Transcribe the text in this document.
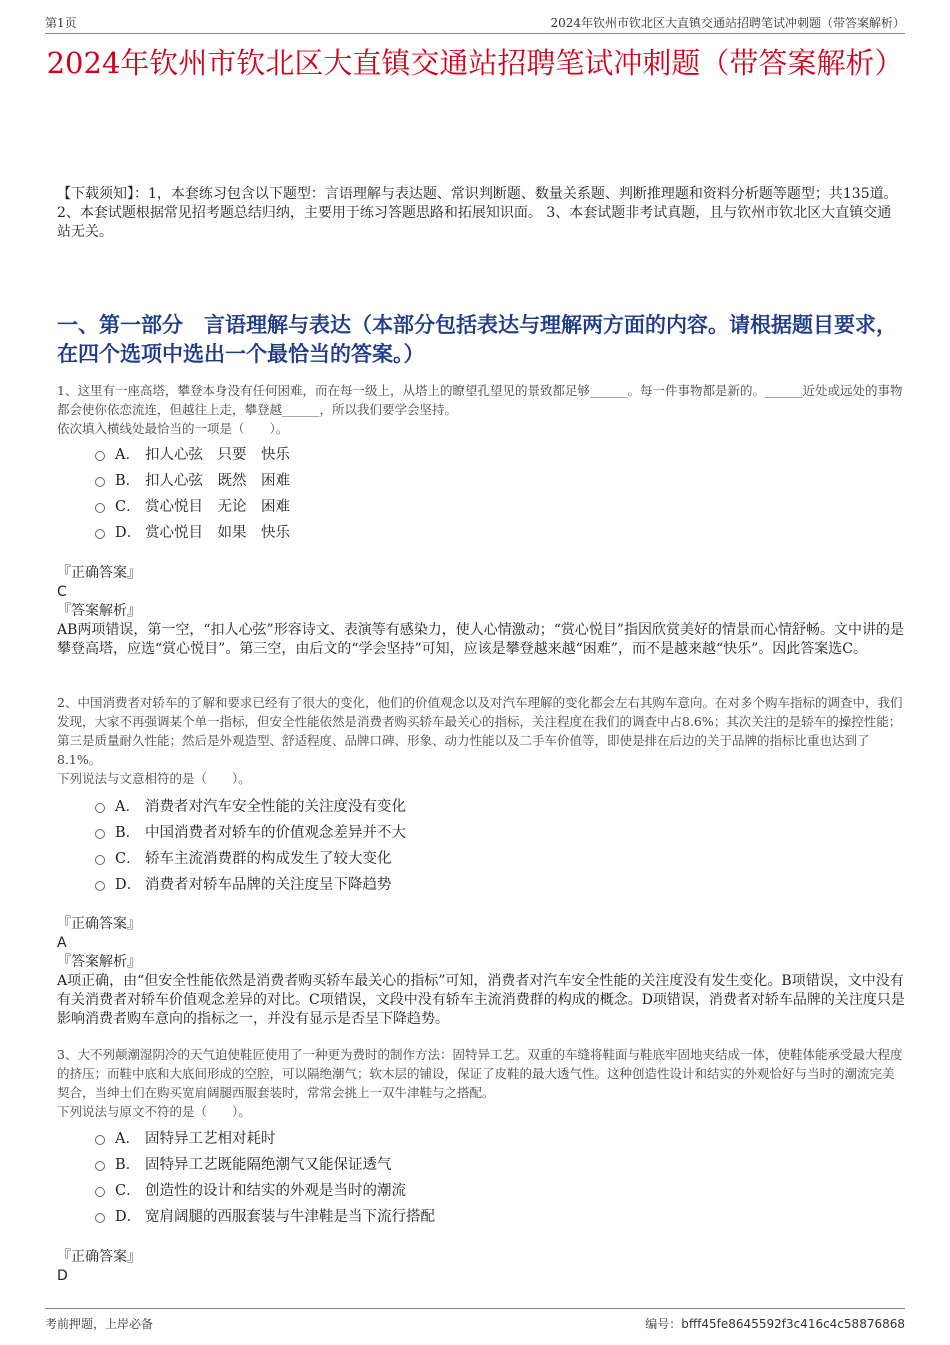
第1页	2024年钦州市钦北区大直镇交通站招聘笔试冲刺题（带答案解析）
2024年钦州市钦北区大直镇交通站招聘笔试冲刺题（带答案解析）

【下载须知】：1，本套练习包含以下题型：言语理解与表达题、常识判断题、数量关系题、判断推理题和资料分析题等题型；共135道。 2、本套试题根据常见招考题总结归纳，主要用于练习答题思路和拓展知识面。 3、本套试题非考试真题，且与钦州市钦北区大直镇交通站无关。

一、第一部分　言语理解与表达（本部分包括表达与理解两方面的内容。请根据题目要求，在四个选项中选出一个最恰当的答案。）

1、这里有一座高塔，攀登本身没有任何困难，而在每一级上，从塔上的瞭望孔望见的景致都足够______。每一件事物都是新的。______近处或远处的事物都会使你依恋流连，但越往上走，攀登越______，所以我们要学会坚持。

依次填入横线处最恰当的一项是（　　）。

A． 扣人心弦　只要　快乐
B． 扣人心弦　既然　困难
C． 赏心悦目　无论　困难
D． 赏心悦目　如果　快乐

『正确答案』

C

『答案解析』

AB两项错误，第一空，“扣人心弦”形容诗文、表演等有感染力，使人心情激动；“赏心悦目”指因欣赏美好的情景而心情舒畅。文中讲的是攀登高塔，应选“赏心悦目”。第三空，由后文的“学会坚持”可知，应该是攀登越来越“困难”，而不是越来越“快乐”。因此答案选C。

2、中国消费者对轿车的了解和要求已经有了很大的变化，他们的价值观念以及对汽车理解的变化都会左右其购车意向。在对多个购车指标的调查中，我们发现，大家不再强调某个单一指标，但安全性能依然是消费者购买轿车最关心的指标，关注程度在我们的调查中占8.6%；其次关注的是轿车的操控性能；第三是质量耐久性能；然后是外观造型、舒适程度、品牌口碑、形象、动力性能以及二手车价值等，即使是排在后边的关于品牌的指标比重也达到了8.1%。

下列说法与文意相符的是（　　）。

A． 消费者对汽车安全性能的关注度没有变化
B． 中国消费者对轿车的价值观念差异并不大
C． 轿车主流消费群的构成发生了较大变化
D． 消费者对轿车品牌的关注度呈下降趋势

『正确答案』

A

『答案解析』

A项正确，由“但安全性能依然是消费者购买轿车最关心的指标”可知，消费者对汽车安全性能的关注度没有发生变化。B项错误，文中没有有关消费者对轿车价值观念差异的对比。C项错误，文段中没有轿车主流消费群的构成的概念。D项错误，消费者对轿车品牌的关注度只是影响消费者购车意向的指标之一，并没有显示是否呈下降趋势。

3、大不列颠潮湿阴冷的天气迫使鞋匠使用了一种更为费时的制作方法：固特异工艺。双重的车缝将鞋面与鞋底牢固地夹结成一体，使鞋体能承受最大程度的挤压；而鞋中底和大底间形成的空腔，可以隔绝潮气；软木层的铺设，保证了皮鞋的最大透气性。这种创造性设计和结实的外观恰好与当时的潮流完美契合，当绅士们在购买宽肩阔腿西服套装时，常常会挑上一双牛津鞋与之搭配。

下列说法与原文不符的是（　　）。

A． 固特异工艺相对耗时
B． 固特异工艺既能隔绝潮气又能保证透气
C． 创造性的设计和结实的外观是当时的潮流
D． 宽肩阔腿的西服套装与牛津鞋是当下流行搭配

『正确答案』

D

考前押题，上岸必备	编号：bfff45fe8645592f3c416c4c58876868
